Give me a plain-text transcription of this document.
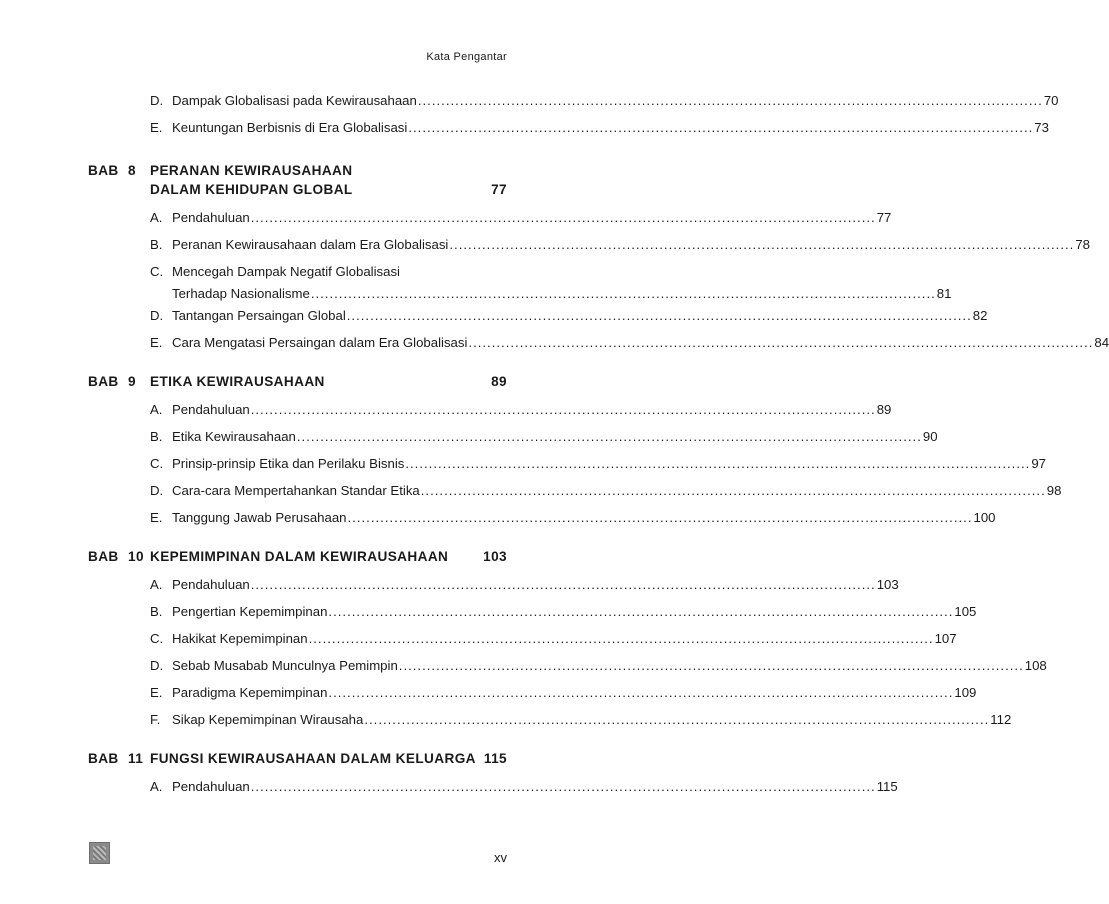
Kata Pengantar
D. Dampak Globalisasi pada Kewirausahaan .....	70
E. Keuntungan Berbisnis di Era Globalisasi .....	73
BAB 8	PERANAN KEWIRAUSAHAAN
DALAM KEHIDUPAN GLOBAL	77
A. Pendahuluan .....	77
B. Peranan Kewirausahaan dalam Era Globalisasi .....	78
C. Mencegah Dampak Negatif Globalisasi
Terhadap Nasionalisme .....	81
D. Tantangan Persaingan Global .....	82
E. Cara Mengatasi Persaingan dalam Era Globalisasi .....	84
BAB 9	ETIKA KEWIRAUSAHAAN	89
A. Pendahuluan .....	89
B. Etika Kewirausahaan .....	90
C. Prinsip-prinsip Etika dan Perilaku Bisnis .....	97
D. Cara-cara Mempertahankan Standar Etika .....	98
E. Tanggung Jawab Perusahaan .....	100
BAB 10 KEPEMIMPINAN DALAM KEWIRAUSAHAAN	103
A. Pendahuluan .....	103
B. Pengertian Kepemimpinan .....	105
C. Hakikat Kepemimpinan .....	107
D. Sebab Musabab Munculnya Pemimpin .....	108
E. Paradigma Kepemimpinan .....	109
F. Sikap Kepemimpinan Wirausaha .....	112
BAB 11 FUNGSI KEWIRAUSAHAAN DALAM KELUARGA 115
A. Pendahuluan .....	115
xv
